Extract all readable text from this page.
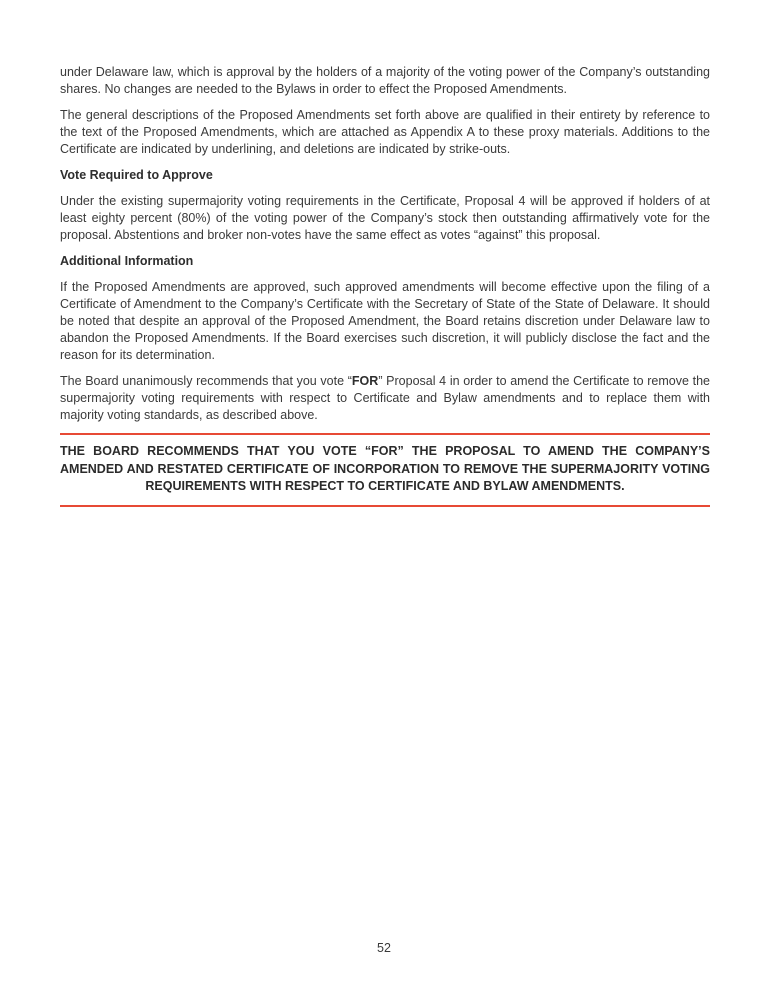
under Delaware law, which is approval by the holders of a majority of the voting power of the Company’s outstanding shares. No changes are needed to the Bylaws in order to effect the Proposed Amendments.

The general descriptions of the Proposed Amendments set forth above are qualified in their entirety by reference to the text of the Proposed Amendments, which are attached as Appendix A to these proxy materials. Additions to the Certificate are indicated by underlining, and deletions are indicated by strike-outs.

Vote Required to Approve

Under the existing supermajority voting requirements in the Certificate, Proposal 4 will be approved if holders of at least eighty percent (80%) of the voting power of the Company’s stock then outstanding affirmatively vote for the proposal. Abstentions and broker non-votes have the same effect as votes “against” this proposal.

Additional Information

If the Proposed Amendments are approved, such approved amendments will become effective upon the filing of a Certificate of Amendment to the Company’s Certificate with the Secretary of State of the State of Delaware. It should be noted that despite an approval of the Proposed Amendment, the Board retains discretion under Delaware law to abandon the Proposed Amendments. If the Board exercises such discretion, it will publicly disclose the fact and the reason for its determination.

The Board unanimously recommends that you vote “FOR” Proposal 4 in order to amend the Certificate to remove the supermajority voting requirements with respect to Certificate and Bylaw amendments and to replace them with majority voting standards, as described above.

THE BOARD RECOMMENDS THAT YOU VOTE “FOR” THE PROPOSAL TO AMEND THE COMPANY’S AMENDED AND RESTATED CERTIFICATE OF INCORPORATION TO REMOVE THE SUPERMAJORITY VOTING REQUIREMENTS WITH RESPECT TO CERTIFICATE AND BYLAW AMENDMENTS.

52
